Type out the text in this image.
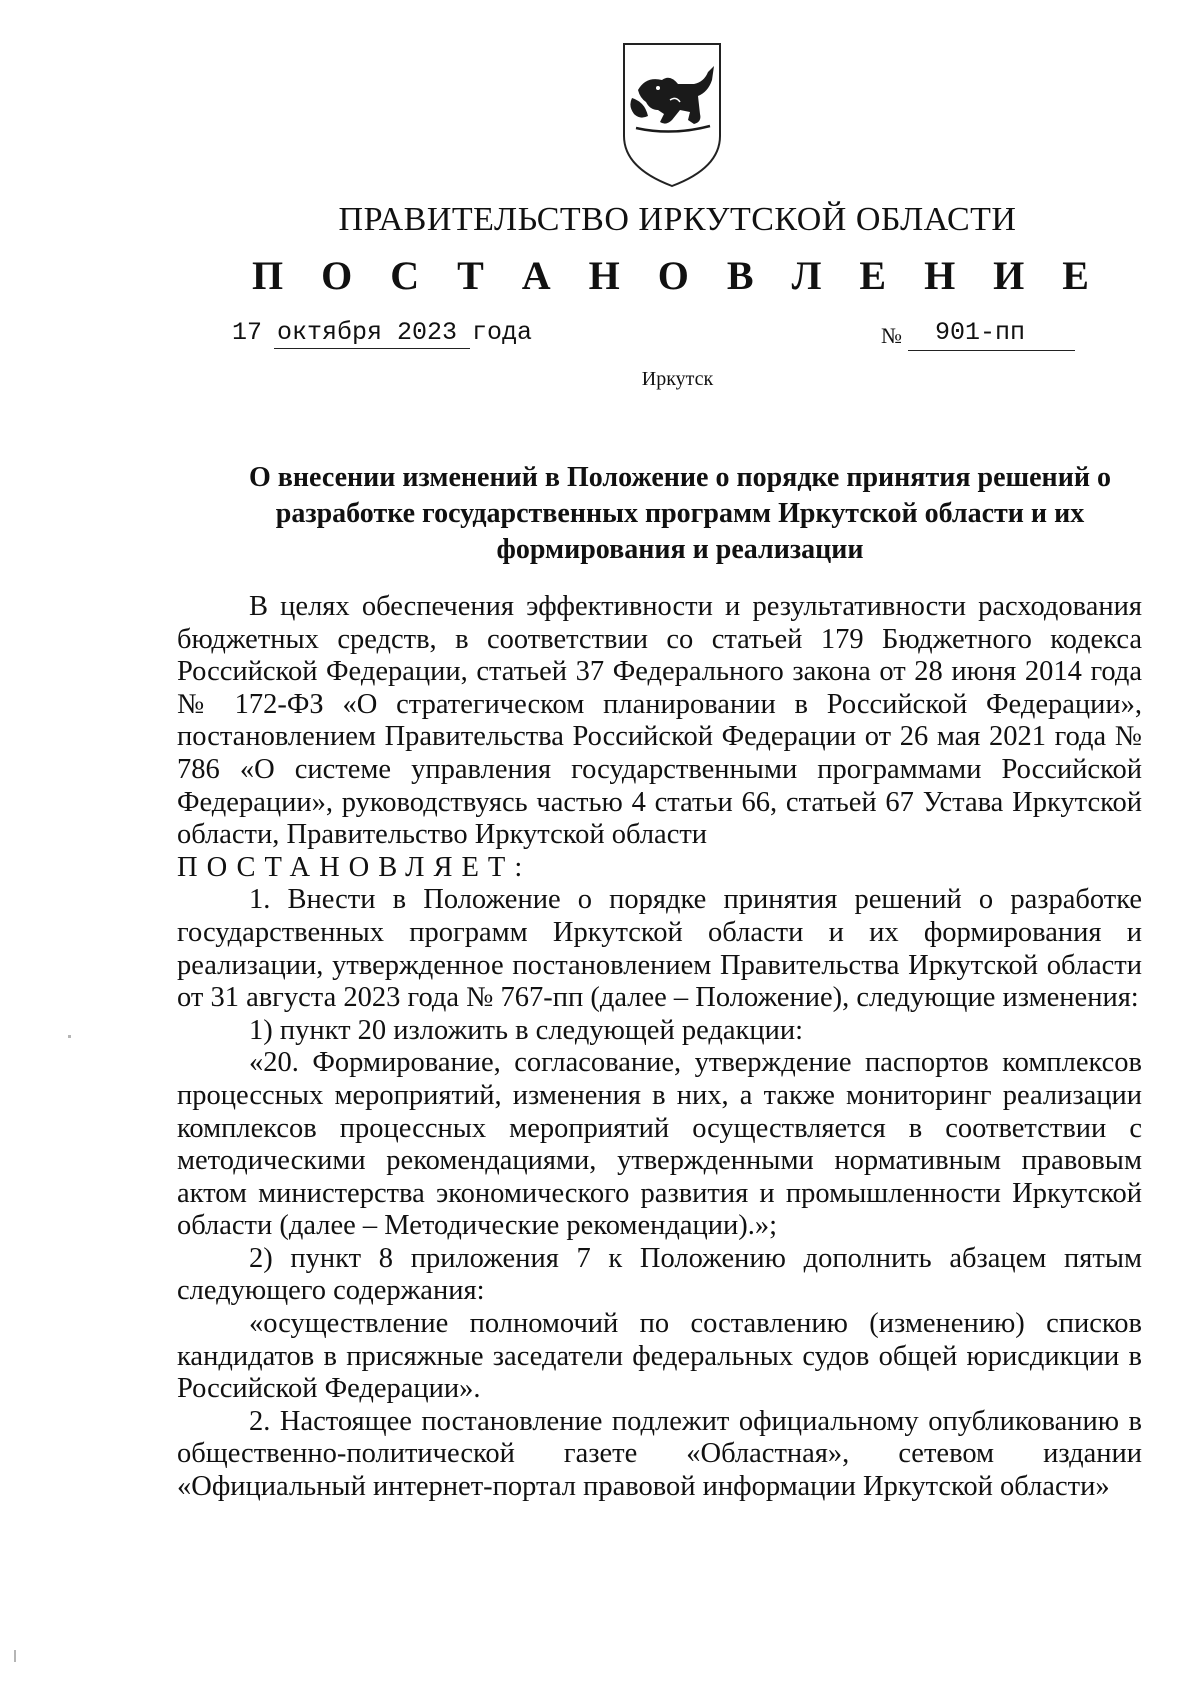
ПРАВИТЕЛЬСТВО ИРКУТСКОЙ ОБЛАСТИ
П О С Т А Н О В Л Е Н И Е
17 октября 2023 года	№ 901-пп
Иркутск
О внесении изменений в Положение о порядке принятия решений о разработке государственных программ Иркутской области и их формирования и реализации

В целях обеспечения эффективности и результативности расходования бюджетных средств, в соответствии со статьей 179 Бюджетного кодекса Российской Федерации, статьей 37 Федерального закона от 28 июня 2014 года № 172-ФЗ «О стратегическом планировании в Российской Федерации», постановлением Правительства Российской Федерации от 26 мая 2021 года № 786 «О системе управления государственными программами Российской Федерации», руководствуясь частью 4 статьи 66, статьей 67 Устава Иркутской области, Правительство Иркутской области

ПОСТАНОВЛЯЕТ:

1. Внести в Положение о порядке принятия решений о разработке государственных программ Иркутской области и их формирования и реализации, утвержденное постановлением Правительства Иркутской области от 31 августа 2023 года № 767-пп (далее – Положение), следующие изменения:

1) пункт 20 изложить в следующей редакции:

«20. Формирование, согласование, утверждение паспортов комплексов процессных мероприятий, изменения в них, а также мониторинг реализации комплексов процессных мероприятий осуществляется в соответствии с методическими рекомендациями, утвержденными нормативным правовым актом министерства экономического развития и промышленности Иркутской области (далее – Методические рекомендации).»;

2) пункт 8 приложения 7 к Положению дополнить абзацем пятым следующего содержания:

«осуществление полномочий по составлению (изменению) списков кандидатов в присяжные заседатели федеральных судов общей юрисдикции в Российской Федерации».

2. Настоящее постановление подлежит официальному опубликованию в общественно-политической газете «Областная», сетевом издании «Официальный интернет-портал правовой информации Иркутской области»
